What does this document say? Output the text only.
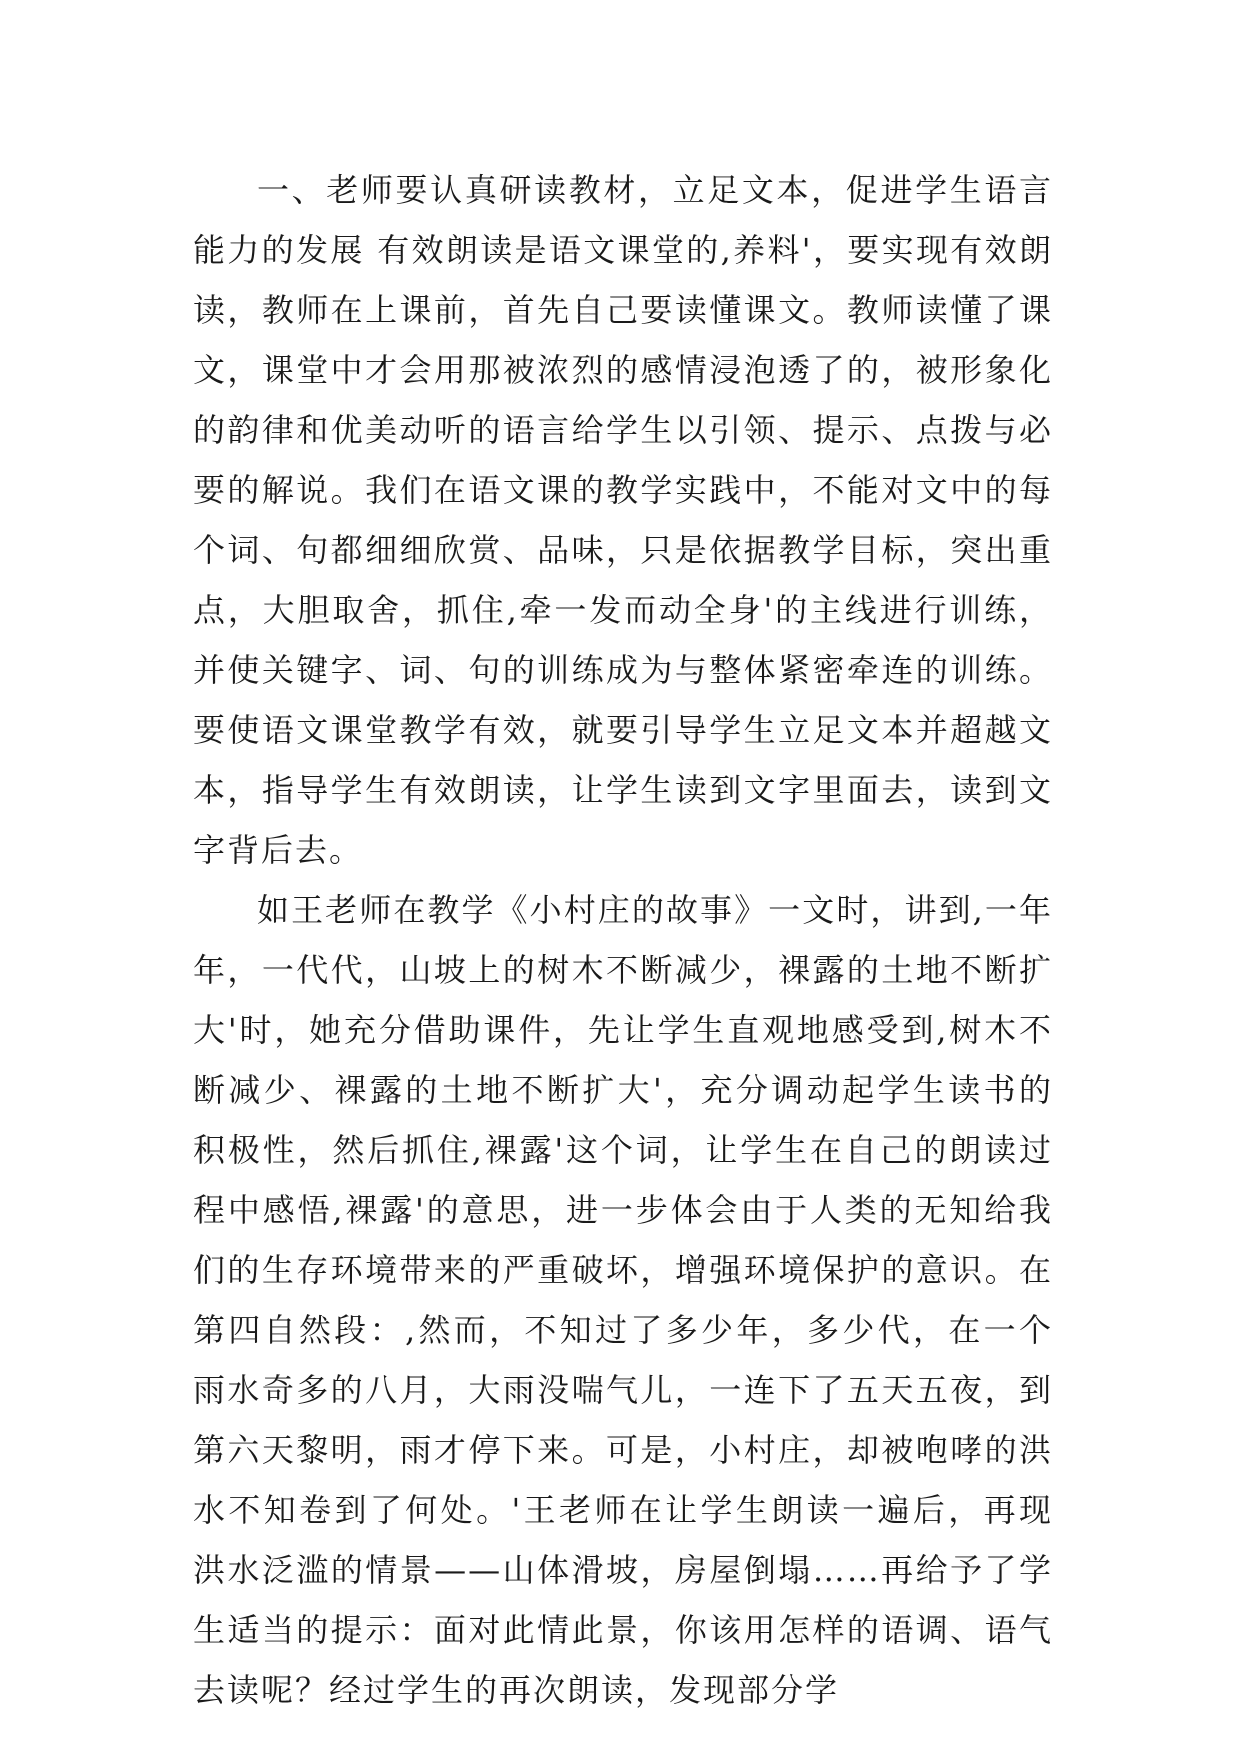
一、老师要认真研读教材，立足文本，促进学生语言能力的发展 有效朗读是语文课堂的,养料'，要实现有效朗读，教师在上课前，首先自己要读懂课文。教师读懂了课文，课堂中才会用那被浓烈的感情浸泡透了的，被形象化的韵律和优美动听的语言给学生以引领、提示、点拨与必要的解说。我们在语文课的教学实践中，不能对文中的每个词、句都细细欣赏、品味，只是依据教学目标，突出重点，大胆取舍，抓住,牵一发而动全身'的主线进行训练，并使关键字、词、句的训练成为与整体紧密牵连的训练。要使语文课堂教学有效，就要引导学生立足文本并超越文本，指导学生有效朗读，让学生读到文字里面去，读到文字背后去。

如王老师在教学《小村庄的故事》一文时，讲到,一年年，一代代，山坡上的树木不断减少，裸露的土地不断扩大'时，她充分借助课件，先让学生直观地感受到,树木不断减少、裸露的土地不断扩大'，充分调动起学生读书的积极性，然后抓住,裸露'这个词，让学生在自己的朗读过程中感悟,裸露'的意思，进一步体会由于人类的无知给我们的生存环境带来的严重破坏，增强环境保护的意识。在第四自然段：,然而，不知过了多少年，多少代，在一个雨水奇多的八月，大雨没喘气儿，一连下了五天五夜，到第六天黎明，雨才停下来。可是，小村庄，却被咆哮的洪水不知卷到了何处。'王老师在让学生朗读一遍后，再现洪水泛滥的情景——山体滑坡，房屋倒塌……再给予了学生适当的提示：面对此情此景，你该用怎样的语调、语气去读呢？经过学生的再次朗读，发现部分学
